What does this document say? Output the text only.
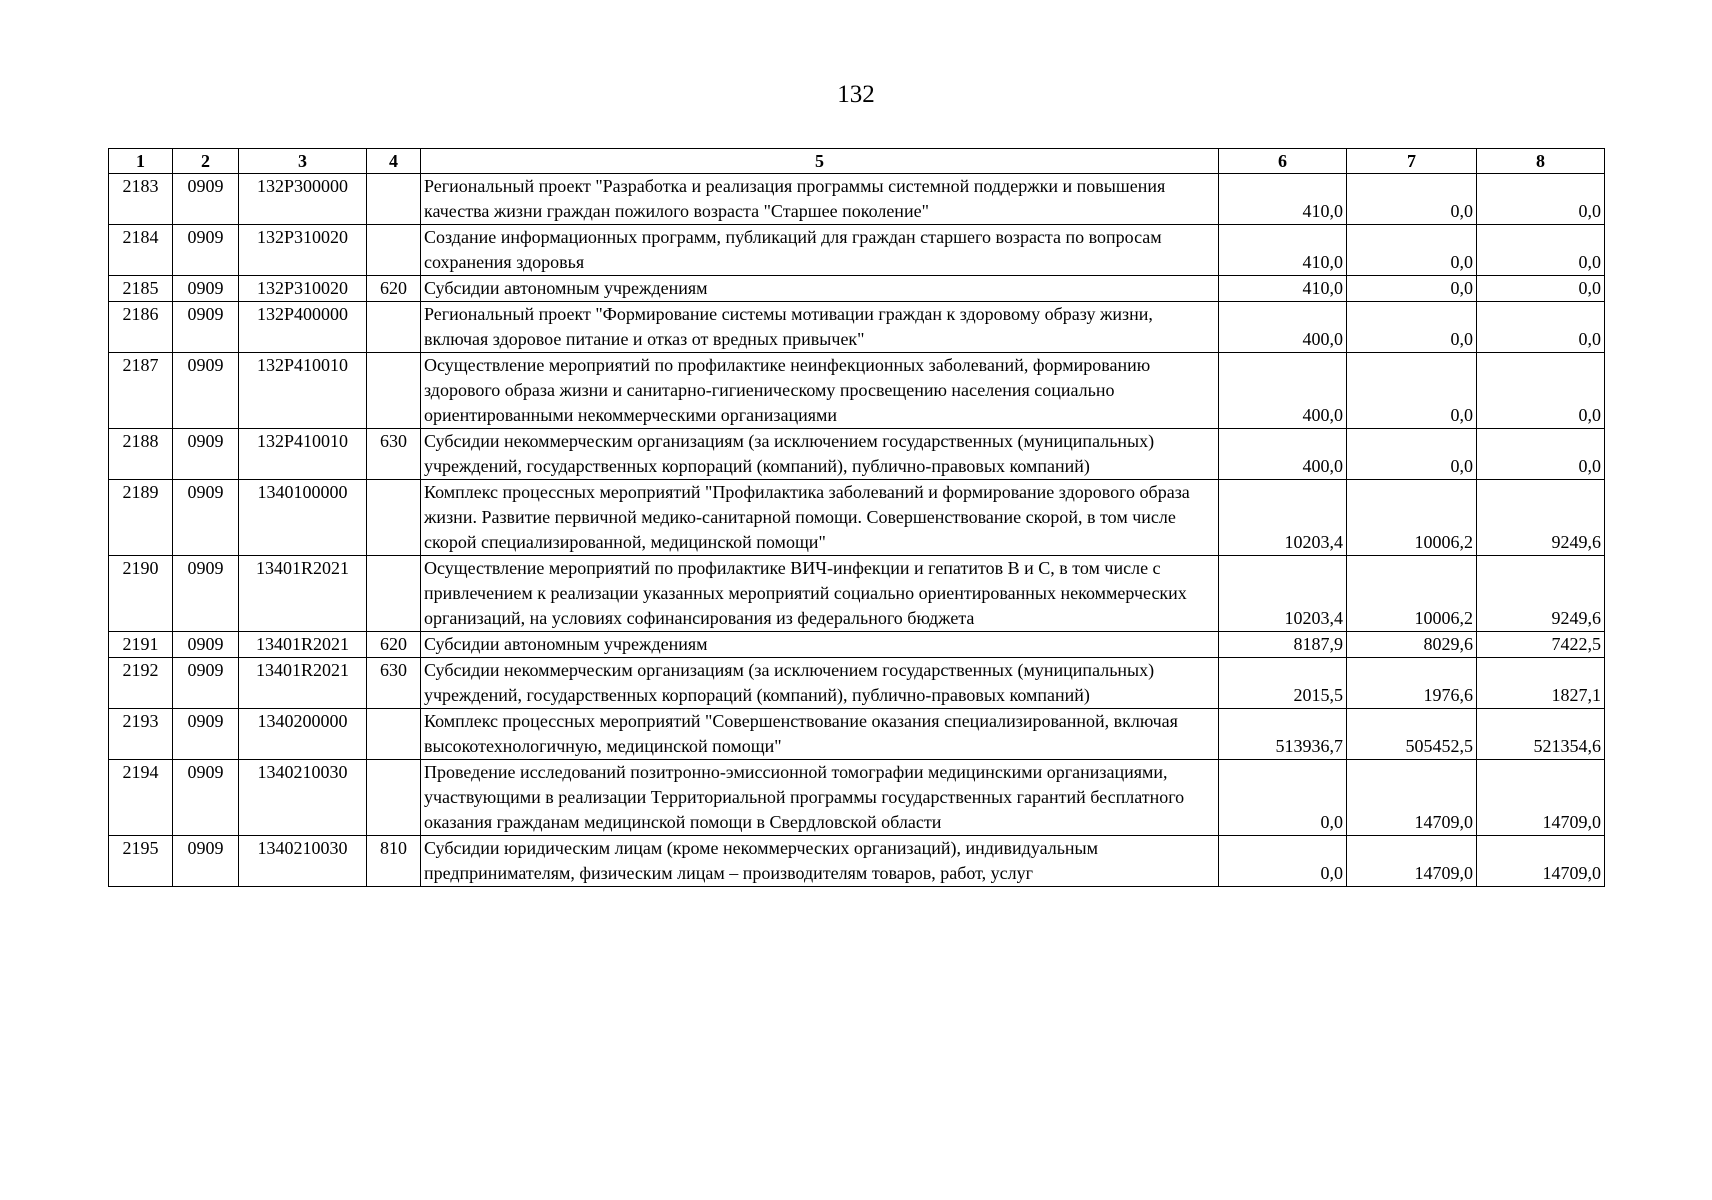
132
1	2	3	4	5	6	7	8
2183	0909	132P300000		Региональный проект "Разработка и реализация программы системной поддержки и повышения качества жизни граждан пожилого возраста "Старшее поколение"	410,0	0,0	0,0
2184	0909	132P310020		Создание информационных программ, публикаций для граждан старшего возраста по вопросам сохранения здоровья	410,0	0,0	0,0
2185	0909	132P310020	620	Субсидии автономным учреждениям	410,0	0,0	0,0
2186	0909	132P400000		Региональный проект "Формирование системы мотивации граждан к здоровому образу жизни, включая здоровое питание и отказ от вредных привычек"	400,0	0,0	0,0
2187	0909	132P410010		Осуществление мероприятий по профилактике неинфекционных заболеваний, формированию здорового образа жизни и санитарно-гигиеническому просвещению населения социально ориентированными некоммерческими организациями	400,0	0,0	0,0
2188	0909	132P410010	630	Субсидии некоммерческим организациям (за исключением государственных (муниципальных) учреждений, государственных корпораций (компаний), публично-правовых компаний)	400,0	0,0	0,0
2189	0909	1340100000		Комплекс процессных мероприятий "Профилактика заболеваний и формирование здорового образа жизни. Развитие первичной медико-санитарной помощи. Совершенствование скорой, в том числе скорой специализированной, медицинской помощи"	10203,4	10006,2	9249,6
2190	0909	13401R2021		Осуществление мероприятий по профилактике ВИЧ-инфекции и гепатитов B и C, в том числе с привлечением к реализации указанных мероприятий социально ориентированных некоммерческих организаций, на условиях софинансирования из федерального бюджета	10203,4	10006,2	9249,6
2191	0909	13401R2021	620	Субсидии автономным учреждениям	8187,9	8029,6	7422,5
2192	0909	13401R2021	630	Субсидии некоммерческим организациям (за исключением государственных (муниципальных) учреждений, государственных корпораций (компаний), публично-правовых компаний)	2015,5	1976,6	1827,1
2193	0909	1340200000		Комплекс процессных мероприятий "Совершенствование оказания специализированной, включая высокотехнологичную, медицинской помощи"	513936,7	505452,5	521354,6
2194	0909	1340210030		Проведение исследований позитронно-эмиссионной томографии медицинскими организациями, участвующими в реализации Территориальной программы государственных гарантий бесплатного оказания гражданам медицинской помощи в Свердловской области	0,0	14709,0	14709,0
2195	0909	1340210030	810	Субсидии юридическим лицам (кроме некоммерческих организаций), индивидуальным предпринимателям, физическим лицам – производителям товаров, работ, услуг	0,0	14709,0	14709,0
